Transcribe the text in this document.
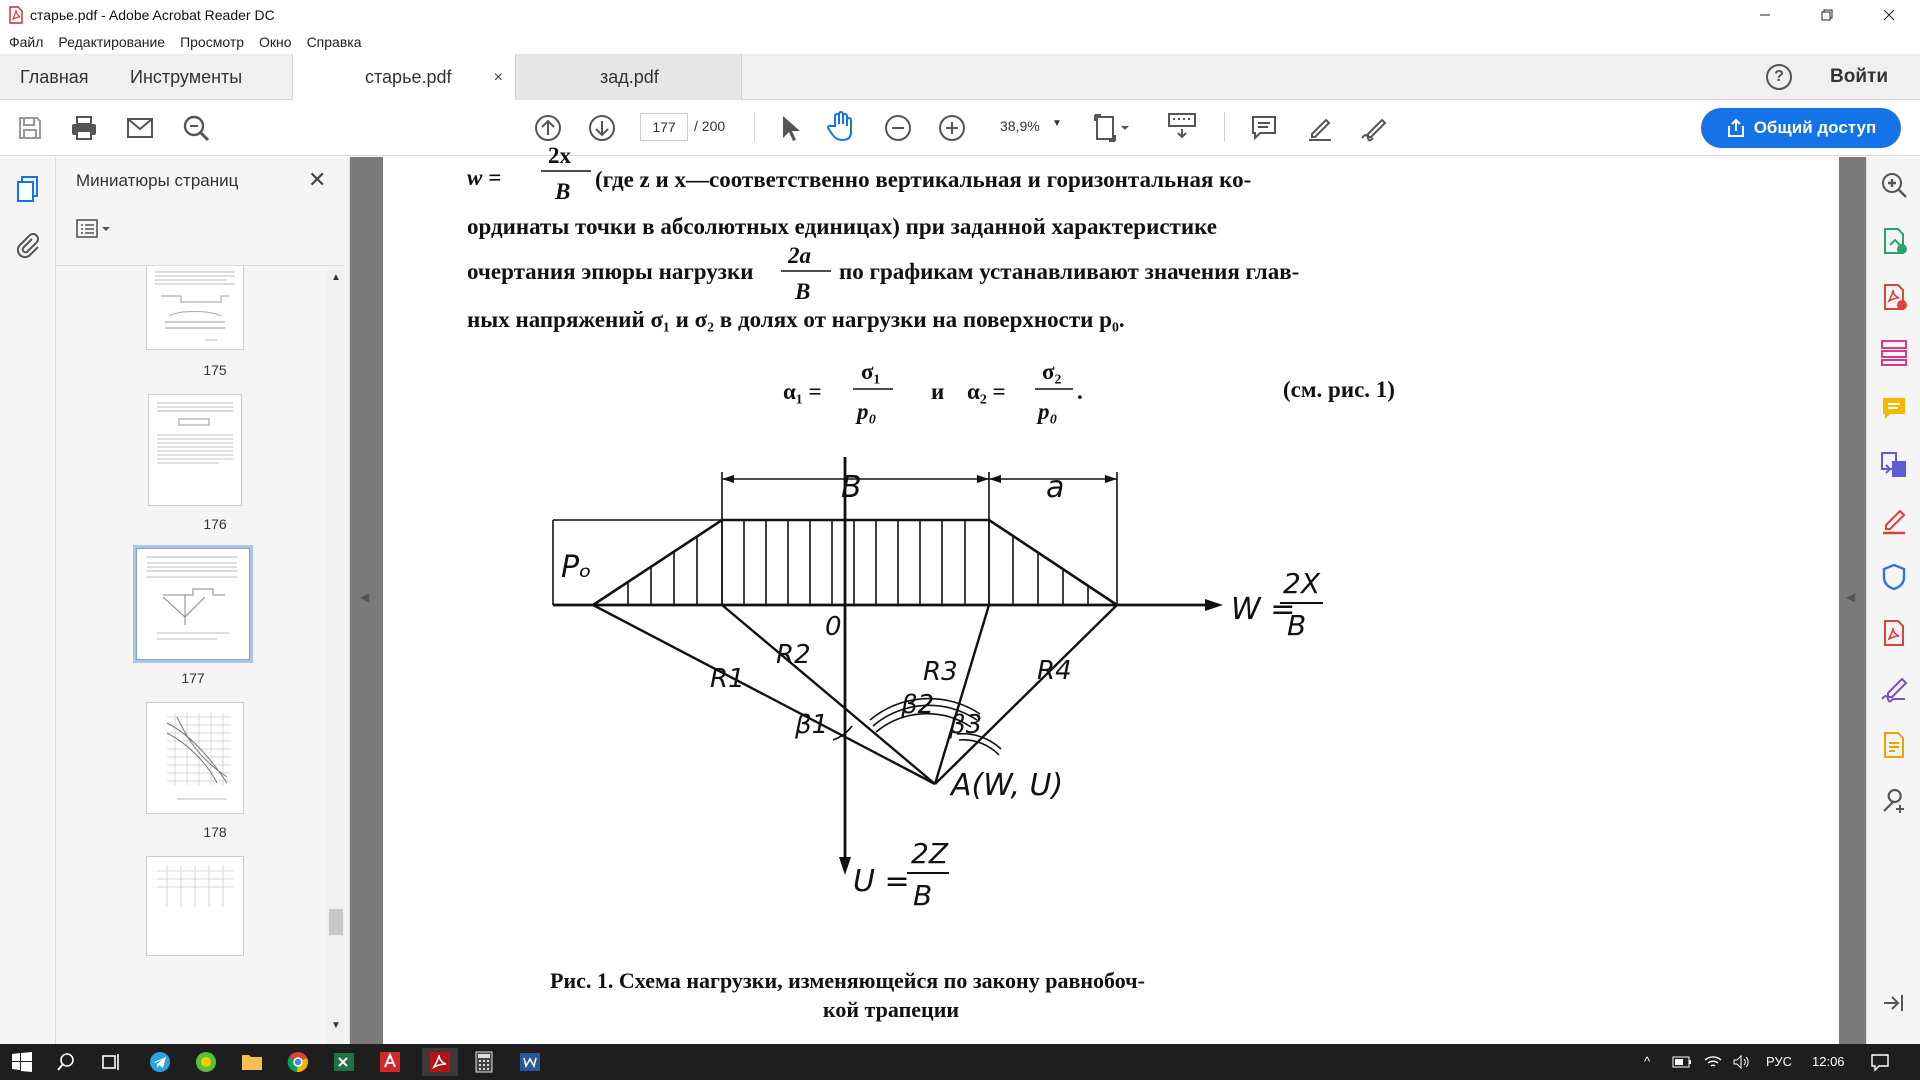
старье.pdf - Adobe Acrobat Reader DC
Файл Редактирование Просмотр Окно Справка
Главная Инструменты	старье.pdf	×	зад.pdf	?	Войти
177	/ 200	38,9% ▼	Общий доступ
Миниатюры страниц	✕
175
176
177
178
▲
▼
◀	◀
w =
2x
B (где z и x—соответственно вертикальная и горизонтальная ко-
ординаты точки в абсолютных единицах) при заданной характеристике
очертания эпюры нагрузки
2a
B
по графикам устанавливают значения глав-
ных напряжений σ₁ и σ₂ в долях от нагрузки на поверхности p₀.
α₁ =
σ₁
p₀
и α₂ =
σ₂
p₀
.	(см. рис. 1)
B	a
Pₒ
0	W =
2X
B
R1
R2
R3	R4
β1
β2
β3
A(W, U)
U =
2Z
B
Рис. 1. Схема нагрузки, изменяющейся по закону равнобоч-
кой трапеции
^	РУС 12:06
